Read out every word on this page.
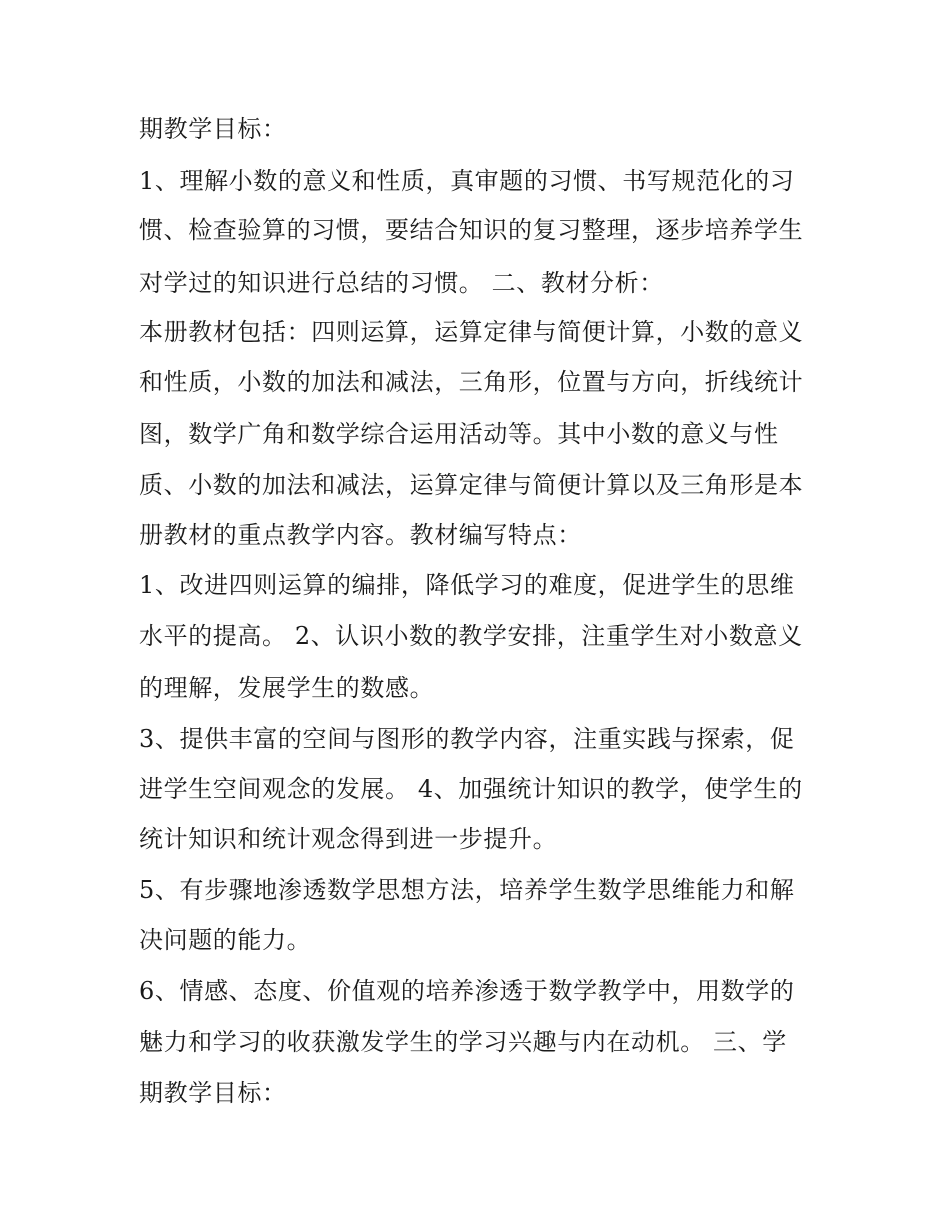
期教学目标：
1、理解小数的意义和性质，真审题的习惯、书写规范化的习
惯、检查验算的习惯，要结合知识的复习整理，逐步培养学生
对学过的知识进行总结的习惯。 二、教材分析：
本册教材包括：四则运算，运算定律与简便计算，小数的意义
和性质，小数的加法和减法，三角形，位置与方向，折线统计
图，数学广角和数学综合运用活动等。其中小数的意义与性
质、小数的加法和减法，运算定律与简便计算以及三角形是本
册教材的重点教学内容。教材编写特点：
1、改进四则运算的编排，降低学习的难度，促进学生的思维
水平的提高。 2、认识小数的教学安排，注重学生对小数意义
的理解，发展学生的数感。
3、提供丰富的空间与图形的教学内容，注重实践与探索，促
进学生空间观念的发展。 4、加强统计知识的教学，使学生的
统计知识和统计观念得到进一步提升。
5、有步骤地渗透数学思想方法，培养学生数学思维能力和解
决问题的能力。
6、情感、态度、价值观的培养渗透于数学教学中，用数学的
魅力和学习的收获激发学生的学习兴趣与内在动机。 三、学
期教学目标：
